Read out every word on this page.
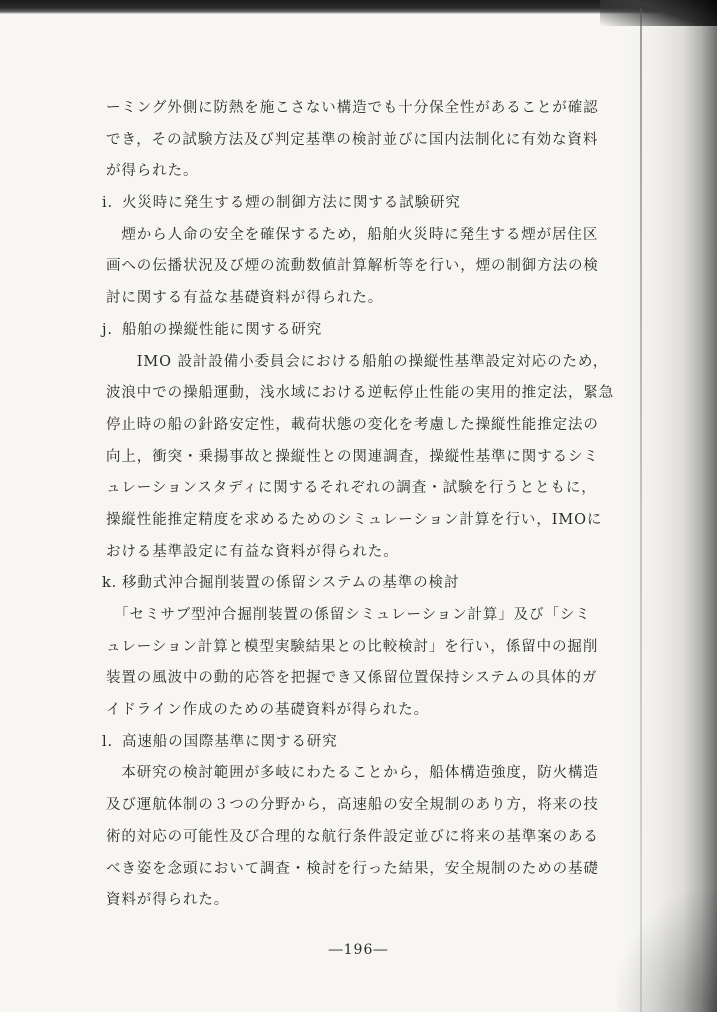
ーミング外側に防熱を施こさない構造でも十分保全性があることが確認
でき，その試験方法及び判定基準の検討並びに国内法制化に有効な資料
が得られた。
i. 火災時に発生する煙の制御方法に関する試験研究
　煙から人命の安全を確保するため，船舶火災時に発生する煙が居住区
画への伝播状況及び煙の流動数値計算解析等を行い，煙の制御方法の検
討に関する有益な基礎資料が得られた。
j. 船舶の操縦性能に関する研究
　　IMO 設計設備小委員会における船舶の操縦性基準設定対応のため，
波浪中での操船運動，浅水域における逆転停止性能の実用的推定法，緊急
停止時の船の針路安定性，載荷状態の変化を考慮した操縦性能推定法の
向上，衝突・乗揚事故と操縦性との関連調査，操縦性基準に関するシミ
ュレーションスタディに関するそれぞれの調査・試験を行うとともに，
操縦性能推定精度を求めるためのシミュレーション計算を行い，IMOに
おける基準設定に有益な資料が得られた。
k. 移動式沖合掘削装置の係留システムの基準の検討
　「セミサブ型沖合掘削装置の係留シミュレーション計算」及び「シミ
ュレーション計算と模型実験結果との比較検討」を行い，係留中の掘削
装置の風波中の動的応答を把握でき又係留位置保持システムの具体的ガ
イドライン作成のための基礎資料が得られた。
l. 高速船の国際基準に関する研究
　本研究の検討範囲が多岐にわたることから，船体構造強度，防火構造
及び運航体制の３つの分野から，高速船の安全規制のあり方，将来の技
術的対応の可能性及び合理的な航行条件設定並びに将来の基準案のある
べき姿を念頭において調査・検討を行った結果，安全規制のための基礎
資料が得られた。
―196―
